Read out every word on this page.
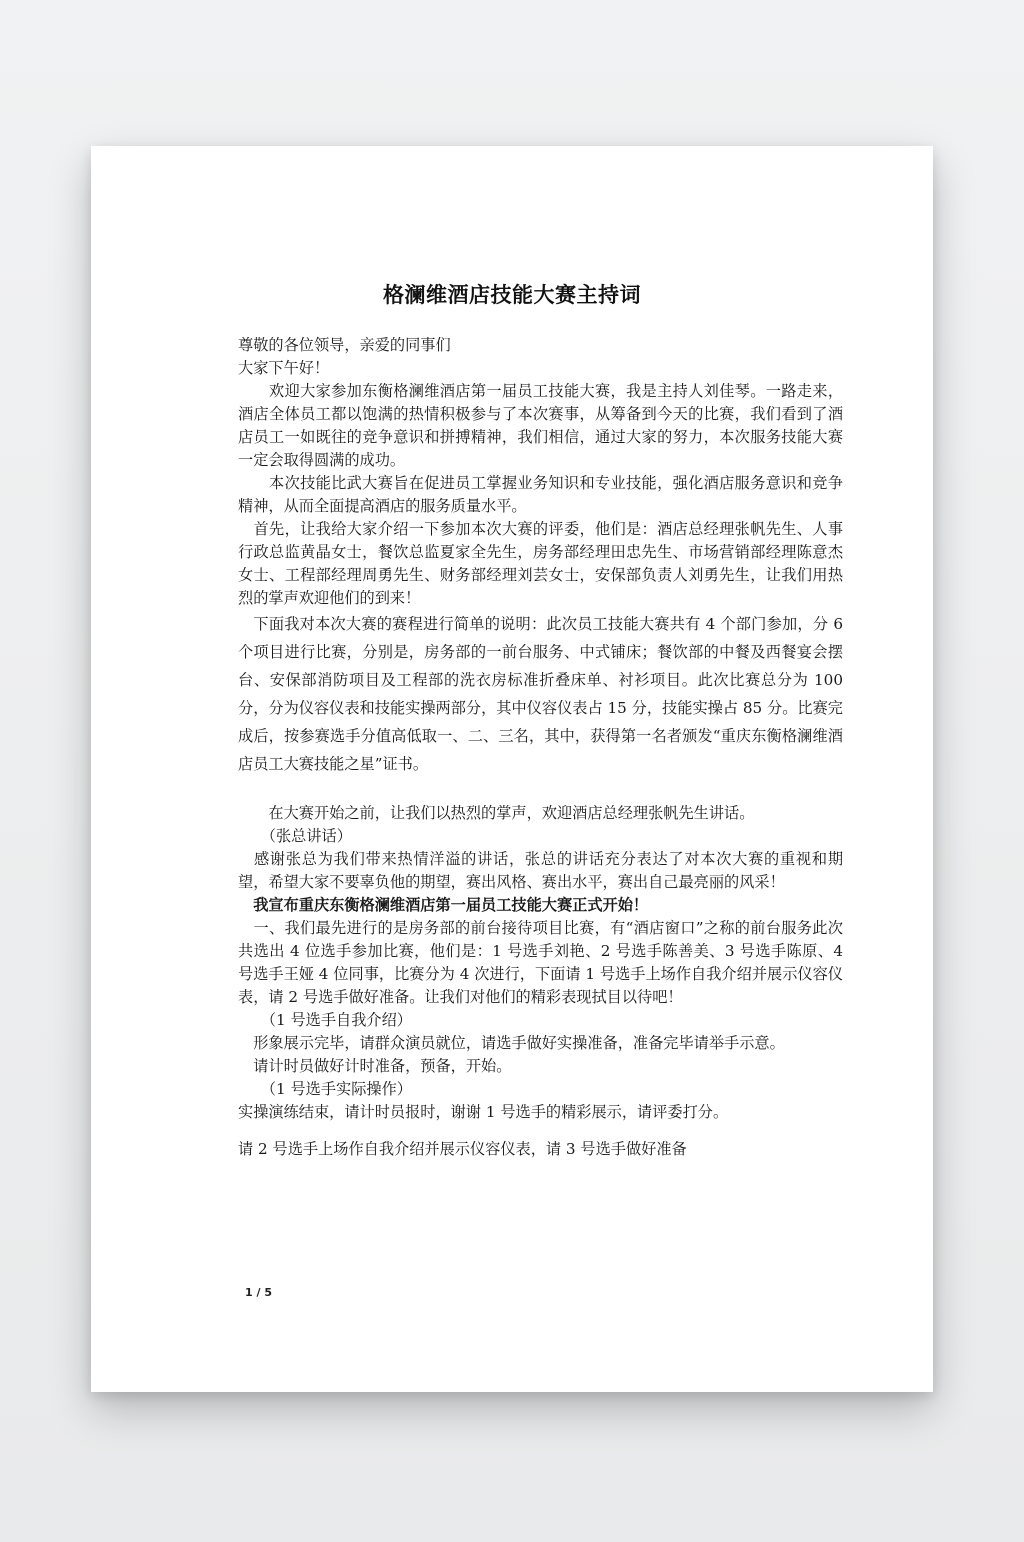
格澜维酒店技能大赛主持词

尊敬的各位领导，亲爱的同事们

大家下午好！

　　欢迎大家参加东衡格澜维酒店第一届员工技能大赛，我是主持人刘佳琴。一路走来，酒店全体员工都以饱满的热情积极参与了本次赛事，从筹备到今天的比赛，我们看到了酒店员工一如既往的竞争意识和拼搏精神，我们相信，通过大家的努力，本次服务技能大赛一定会取得圆满的成功。

　　本次技能比武大赛旨在促进员工掌握业务知识和专业技能，强化酒店服务意识和竞争精神，从而全面提高酒店的服务质量水平。

　首先，让我给大家介绍一下参加本次大赛的评委，他们是：酒店总经理张帆先生、人事行政总监黄晶女士，餐饮总监夏家全先生，房务部经理田忠先生、市场营销部经理陈意杰女士、工程部经理周勇先生、财务部经理刘芸女士，安保部负责人刘勇先生，让我们用热烈的掌声欢迎他们的到来！

　下面我对本次大赛的赛程进行简单的说明：此次员工技能大赛共有 4 个部门参加，分 6 个项目进行比赛，分别是，房务部的一前台服务、中式铺床；餐饮部的中餐及西餐宴会摆台、安保部消防项目及工程部的洗衣房标准折叠床单、衬衫项目。此次比赛总分为 100 分，分为仪容仪表和技能实操两部分，其中仪容仪表占 15 分，技能实操占 85 分。比赛完成后，按参赛选手分值高低取一、二、三名，其中，获得第一名者颁发“重庆东衡格澜维酒店员工大赛技能之星”证书。

　　在大赛开始之前，让我们以热烈的掌声，欢迎酒店总经理张帆先生讲话。

　　（张总讲话）

　感谢张总为我们带来热情洋溢的讲话，张总的讲话充分表达了对本次大赛的重视和期望，希望大家不要辜负他的期望，赛出风格、赛出水平，赛出自己最亮丽的风采！

　我宣布重庆东衡格澜维酒店第一届员工技能大赛正式开始！

　一、我们最先进行的是房务部的前台接待项目比赛，有“酒店窗口”之称的前台服务此次共选出 4 位选手参加比赛，他们是：1 号选手刘艳、2 号选手陈善美、3 号选手陈原、4 号选手王娅 4 位同事，比赛分为 4 次进行，下面请 1 号选手上场作自我介绍并展示仪容仪表，请 2 号选手做好准备。让我们对他们的精彩表现拭目以待吧！

　　（1 号选手自我介绍）

　形象展示完毕，请群众演员就位，请选手做好实操准备，准备完毕请举手示意。

　请计时员做好计时准备，预备，开始。

　　（1 号选手实际操作）

实操演练结束，请计时员报时，谢谢 1 号选手的精彩展示，请评委打分。

请 2 号选手上场作自我介绍并展示仪容仪表，请 3 号选手做好准备

1 / 5
